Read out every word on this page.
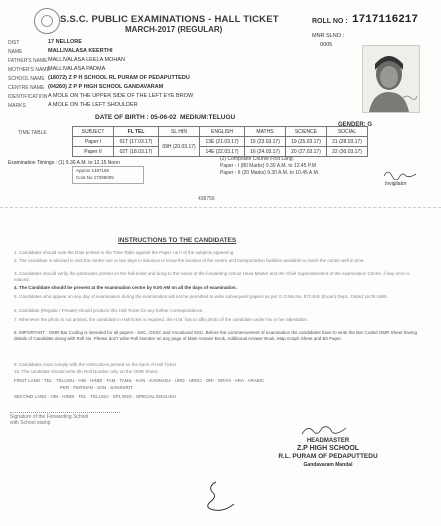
S.S.C. PUBLIC EXAMINATIONS - HALL TICKET
MARCH-2017 (REGULAR)
ROLL NO : 1717116217
MNR SLNO :
0005
DIST	17 NELLORE
NAME	MALLIVALASA KEERTHI
FATHER'S NAME MALLIVALASA LEELA MOHAN
MOTHER'S NAME
MALLIVALASA PADMA
SCHOOL NAME (18072) Z P H SCHOOL RL PURAM OF PEDAPUTTEDU
CENTRE NAME (04260) Z P P HIGH SCHOOL GANDAVARAM
IDENTIFICATION A MOLE ON THE UPPER SIDE OF THE LEFT EYE BROW
MARKS	A MOLE ON THE LEFT SHOULDER
DATE OF BIRTH : 05-06-02 MEDIUM:TELUGU
GENDER: G
TIME TABLE	SUBJECT	FL TEL	SL HIN	ENGLISH	MATHS	SCIENCE	SOCIAL
Paper I	01T (17.03.17)	09H (20.03.17)	13E (21.03.17)	15 (23.03.17)	19 (25.03.17)	21 (28.03.17)
Paper II	02T (18.03.17)		14E (22.03.17)	16 (24.03.17)	20 (27.03.17)	22 (30.03.17)
Examination Timings : (1) 9.30 A.M. to 12.15 Noon
(2) Composite Course First Lang:
Paper - I (80 Marks) 9.30 A.M. to 12.45 P.M
Paper - II (20 Marks) 9.30 A.M. to 10.45 A.M.
Approx 1487186
Cont.No 17296005
Invigilator
438756
INSTRUCTIONS TO THE CANDIDATES
1. Candidates should note the Date printed in the Time Table against the Paper I & II of the subjects appearing.
2. The candidate is advised to visit the centre one or two days in advance to know the location of the centre and transportation facilities available to reach the centre well in time.
3. Candidates should verify the particulars printed on the hall ticket and bring to the notice of the forwarding school Head Master and the Chief Superintendent of the examination Centre, if any error is noticed.
4. The Candidate should be present at the examination centre by 9.00 AM on all the days of examination.
5. Candidates who appear on any day of examination during the examination will not be permitted to write subsequent papers as per G.O.Ms.No. 872 Edn (Exam) Dept., Dated 16.08.1985.
6. Candidate (Regular / Private) should produce this Hall Ticket for any further correspondence.
7. Whenever the photo is not printed, the candidate in Hall ticket is required, the H.M. has to affix photo of the candidate under his or her attestation.
8. IMPORTANT : OMR Bar Coding is intended for all papers - SSC, OSSC and Vocational SSC. Before the commencement of examination the candidates have to write the Bar Coded OMR Sheet having details of Candidate along with Roll No. Please don't write Roll Number on any page of Main Answer Book, Additional Answer Book, Map Graph Sheet and Bit Paper.
9. Candidates must comply with the Instructions printed on the back of Hall Ticket.
10. The candidate should write the Roll Number only on the OMR Sheet.
FIRST LANG : TEL · TELUGU · HIN · HINDI · TAM · TAMIL · KAN · KANNADA · URD · URDU · ORI · ORIYA · ARA · ARABIC
PER · PERSIAN · SAN · SANSKRIT
SECOND LANG : HIN · HINDI · TEL · TELUGU · SPL ENG · SPECIAL ENGLISH
Signature of the Forwarding School
with School stamp
HEADMASTER
Z.P HIGH SCHOOL
R.L. PURAM OF PEDAPUTTEDU
Gandavaram Mandal
